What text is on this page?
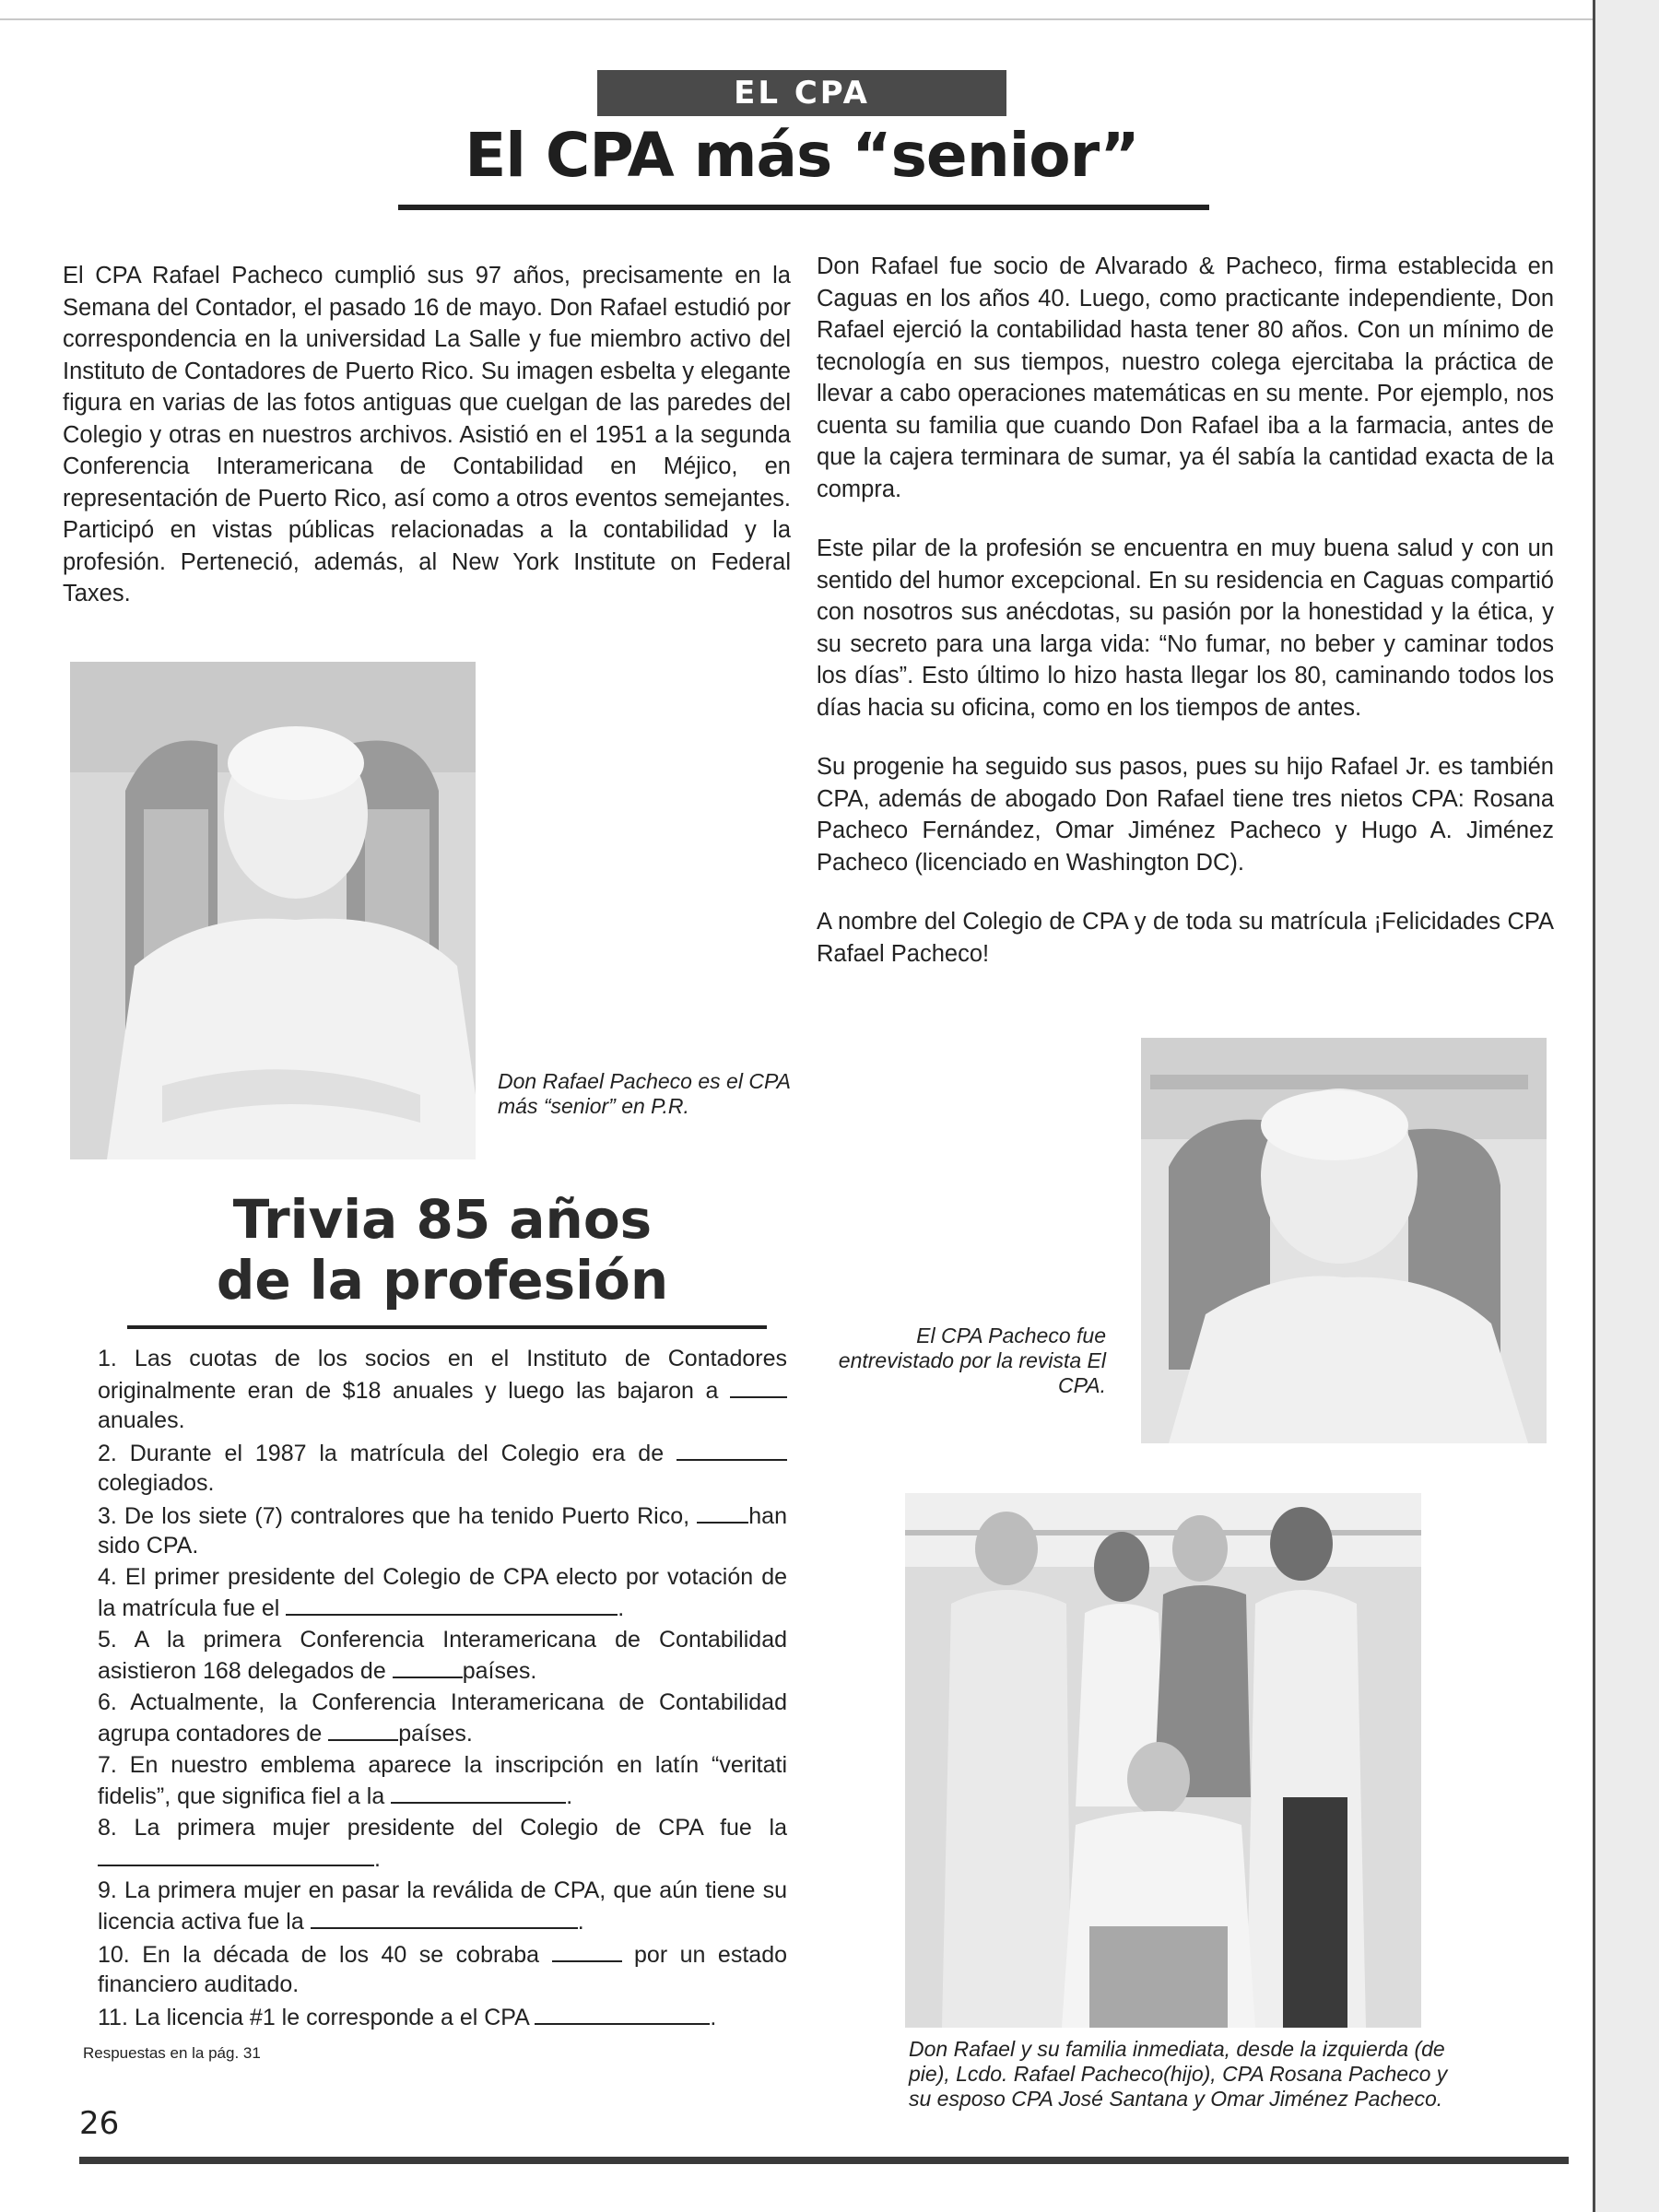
EL CPA
El CPA más “senior”

El CPA Rafael Pacheco cumplió sus 97 años, precisamente en la Semana del Contador, el pasado 16 de mayo. Don Rafael estudió por correspondencia en la universidad La Salle y fue miembro activo del Instituto de Contadores de Puerto Rico. Su imagen esbelta y elegante figura en varias de las fotos antiguas que cuelgan de las paredes del Colegio y otras en nuestros archivos. Asistió en el 1951 a la segunda Conferencia Interamericana de Contabilidad en Méjico, en representación de Puerto Rico, así como a otros eventos semejantes. Participó en vistas públicas relacionadas a la contabilidad y la profesión. Perteneció, además, al New York Institute on Federal Taxes.

Don Rafael fue socio de Alvarado & Pacheco, firma establecida en Caguas en los años 40. Luego, como practicante independiente, Don Rafael ejerció la contabilidad hasta tener 80 años. Con un mínimo de tecnología en sus tiempos, nuestro colega ejercitaba la práctica de llevar a cabo operaciones matemáticas en su mente. Por ejemplo, nos cuenta su familia que cuando Don Rafael iba a la farmacia, antes de que la cajera terminara de sumar, ya él sabía la cantidad exacta de la compra.

Este pilar de la profesión se encuentra en muy buena salud y con un sentido del humor excepcional. En su residencia en Caguas compartió con nosotros sus anécdotas, su pasión por la honestidad y la ética, y su secreto para una larga vida: “No fumar, no beber y caminar todos los días”. Esto último lo hizo hasta llegar los 80, caminando todos los días hacia su oficina, como en los tiempos de antes.

Su progenie ha seguido sus pasos, pues su hijo Rafael Jr. es también CPA, además de abogado Don Rafael tiene tres nietos CPA: Rosana Pacheco Fernández, Omar Jiménez Pacheco y Hugo A. Jiménez Pacheco (licenciado en Washington DC).

A nombre del Colegio de CPA y de toda su matrícula ¡Felicidades CPA Rafael Pacheco!

Don Rafael Pacheco es el CPA más “senior” en P.R.
Trivia 85 años
de la profesión
1. Las cuotas de los socios en el Instituto de Contadores originalmente eran de $18 anuales y luego las bajaron a anuales.
2. Durante el 1987 la matrícula del Colegio era de colegiados.
3. De los siete (7) contralores que ha tenido Puerto Rico, han sido CPA.
4. El primer presidente del Colegio de CPA electo por votación de la matrícula fue el	.
5. A la primera Conferencia Interamericana de Contabilidad asistieron 168 delegados de	países.
6. Actualmente, la Conferencia Interamericana de Contabilidad agrupa contadores de	países.
7. En nuestro emblema aparece la inscripción en latín “veritati fidelis”, que significa fiel a la	.
8. La primera mujer presidente del Colegio de CPA fue la .
9. La primera mujer en pasar la reválida de CPA, que aún tiene su licencia activa fue la	.
10. En la década de los 40 se cobraba	por un estado financiero auditado.
11. La licencia #1 le corresponde a el CPA	.
Respuestas en la pág. 31
El CPA Pacheco fue entrevistado por la revista El CPA.
Don Rafael y su familia inmediata, desde la izquierda (de pie), Lcdo. Rafael Pacheco(hijo), CPA Rosana Pacheco y su esposo CPA José Santana y Omar Jiménez Pacheco.
26
